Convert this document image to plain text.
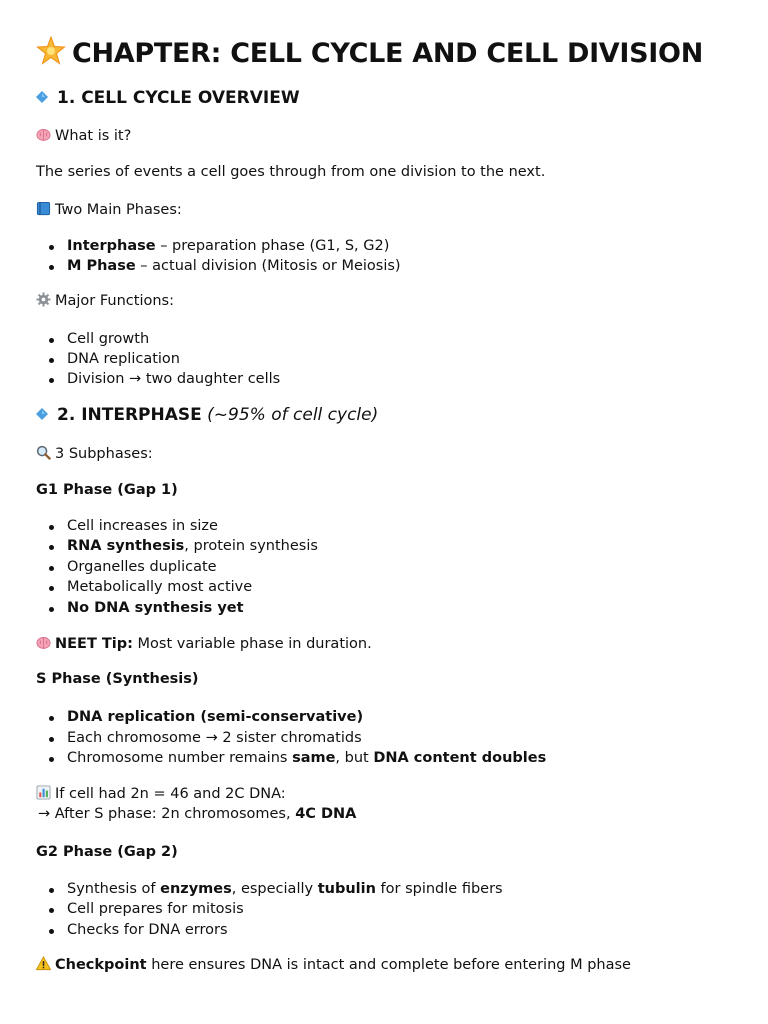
CHAPTER: CELL CYCLE AND CELL DIVISION
1. CELL CYCLE OVERVIEW
What is it?
The series of events a cell goes through from one division to the next.
Two Main Phases:
Interphase – preparation phase (G1, S, G2)
M Phase – actual division (Mitosis or Meiosis)
Major Functions:
Cell growth
DNA replication
Division → two daughter cells
2. INTERPHASE (~95% of cell cycle)
3 Subphases:
G1 Phase (Gap 1)
Cell increases in size
RNA synthesis, protein synthesis
Organelles duplicate
Metabolically most active
No DNA synthesis yet
NEET Tip: Most variable phase in duration.
S Phase (Synthesis)
DNA replication (semi-conservative)
Each chromosome → 2 sister chromatids
Chromosome number remains same, but DNA content doubles
If cell had 2n = 46 and 2C DNA:
→ After S phase: 2n chromosomes, 4C DNA
G2 Phase (Gap 2)
Synthesis of enzymes, especially tubulin for spindle fibers
Cell prepares for mitosis
Checks for DNA errors
Checkpoint here ensures DNA is intact and complete before entering M phase
